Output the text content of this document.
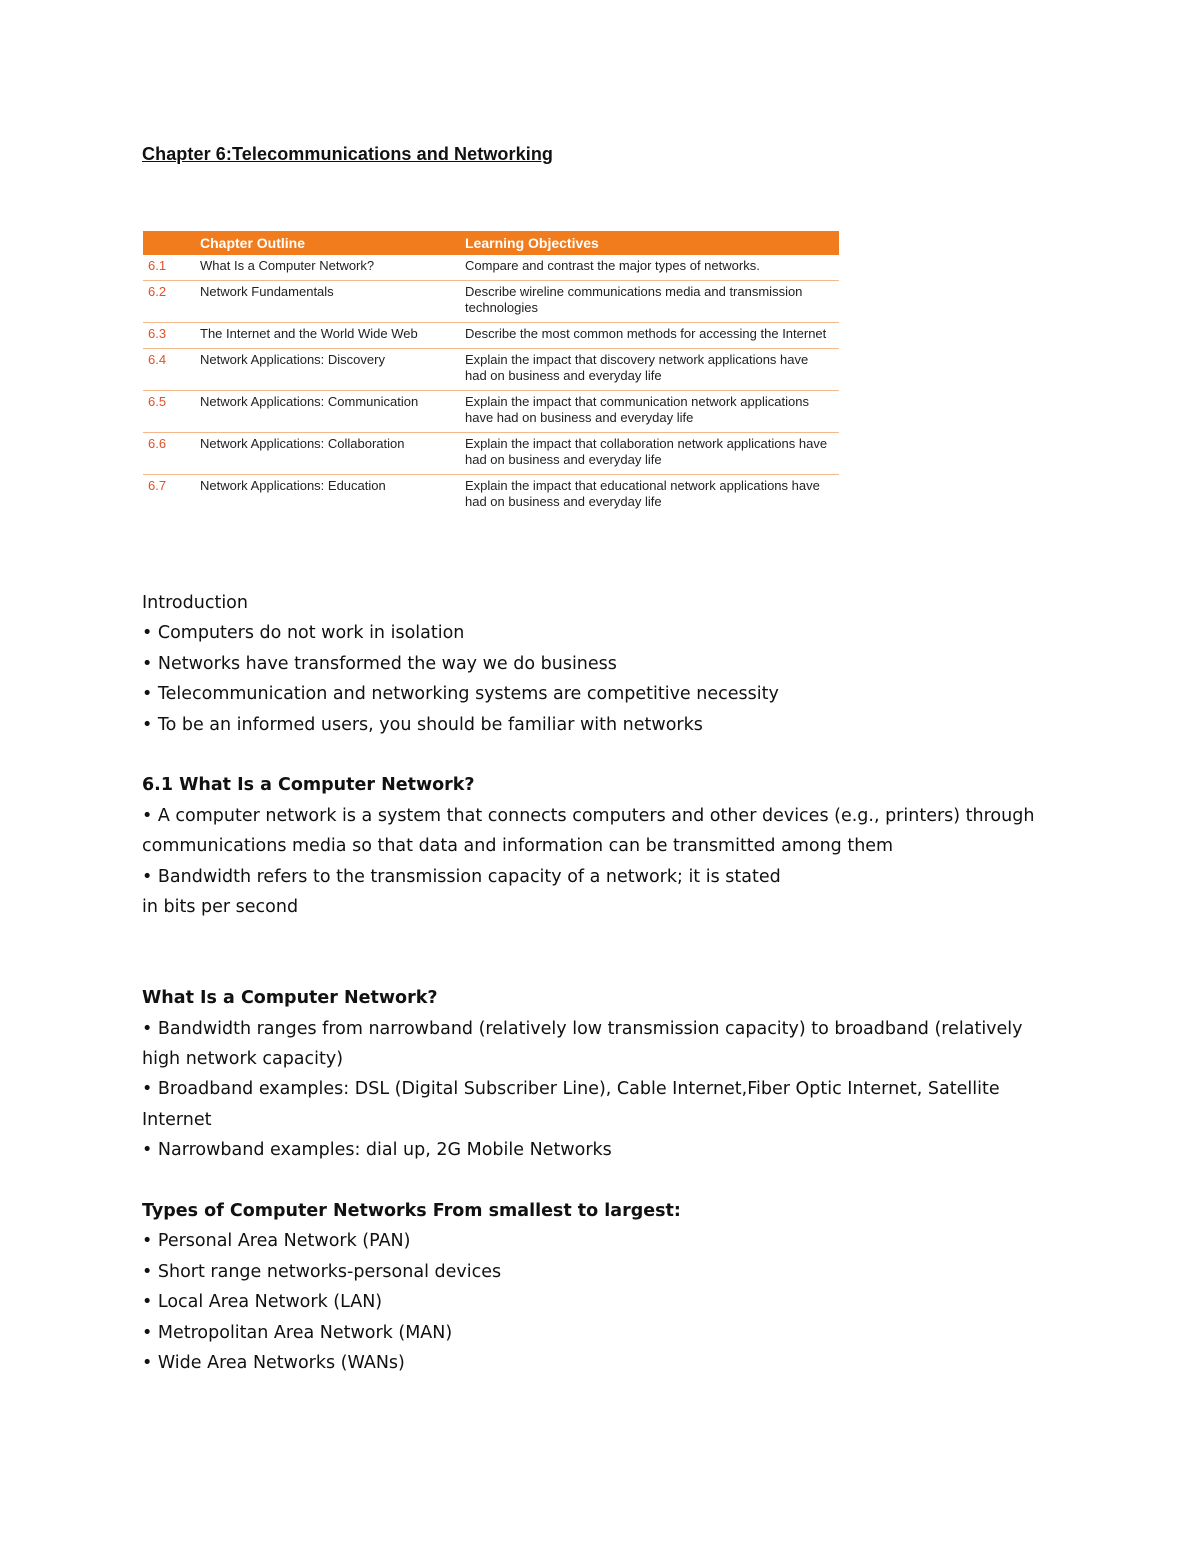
Chapter 6:Telecommunications and Networking
	Chapter Outline	Learning Objectives
6.1	What Is a Computer Network?	Compare and contrast the major types of networks.
6.2	Network Fundamentals	Describe wireline communications media and transmission technologies
6.3	The Internet and the World Wide Web	Describe the most common methods for accessing the Internet
6.4	Network Applications: Discovery	Explain the impact that discovery network applications have had on business and everyday life
6.5	Network Applications: Communication	Explain the impact that communication network applications have had on business and everyday life
6.6	Network Applications: Collaboration	Explain the impact that collaboration network applications have had on business and everyday life
6.7	Network Applications: Education	Explain the impact that educational network applications have had on business and everyday life

Introduction

• Computers do not work in isolation

• Networks have transformed the way we do business

• Telecommunication and networking systems are competitive necessity

• To be an informed users, you should be familiar with networks

6.1 What Is a Computer Network?

• A computer network is a system that connects computers and other devices (e.g., printers) through

communications media so that data and information can be transmitted among them

• Bandwidth refers to the transmission capacity of a network; it is stated

in bits per second

What Is a Computer Network?

• Bandwidth ranges from narrowband (relatively low transmission capacity) to broadband (relatively

high network capacity)

• Broadband examples: DSL (Digital Subscriber Line), Cable Internet,Fiber Optic Internet, Satellite

Internet

• Narrowband examples: dial up, 2G Mobile Networks

Types of Computer Networks From smallest to largest:

• Personal Area Network (PAN)

• Short range networks-personal devices

• Local Area Network (LAN)

• Metropolitan Area Network (MAN)

• Wide Area Networks (WANs)
